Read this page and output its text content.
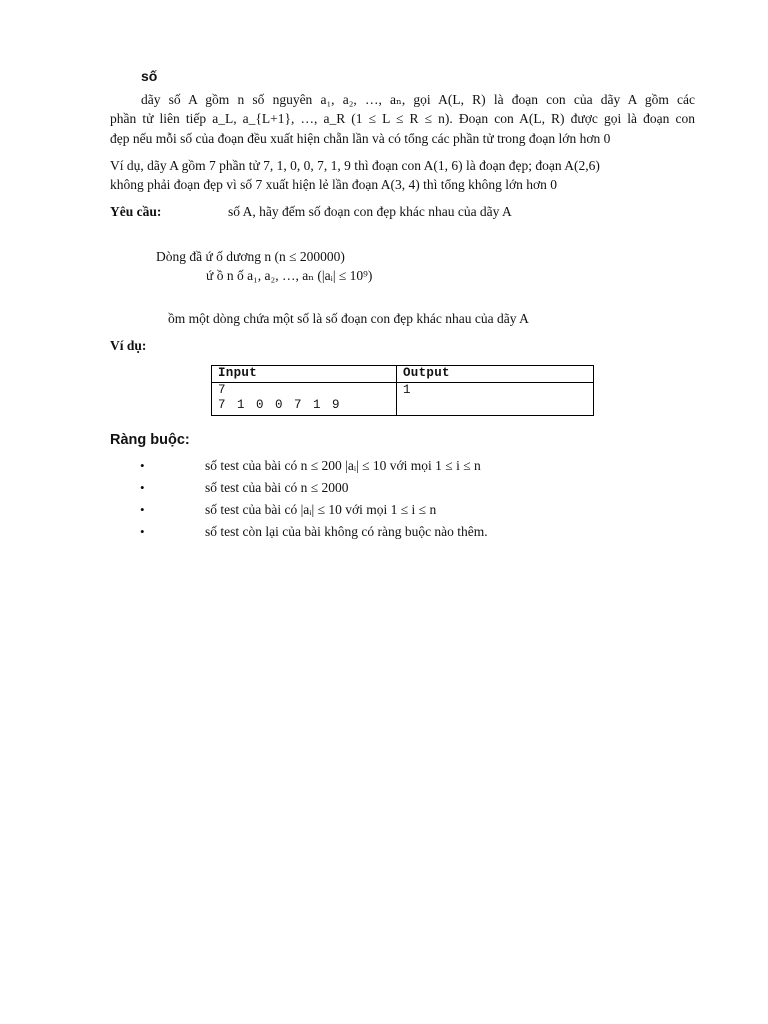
số
dãy số A gồm n số nguyên a₁, a₂, …, aₙ, gọi A(L, R) là đoạn con của dãy A gồm các
phần tử liên tiếp a_L, a_{L+1}, …, a_R (1 ≤ L ≤ R ≤ n). Đoạn con A(L, R) được gọi là đoạn con
đẹp nếu mỗi số của đoạn đều xuất hiện chẵn lần và có tổng các phần tử trong đoạn lớn hơn 0
Ví dụ, dãy A gồm 7 phần tử 7, 1, 0, 0, 7, 1, 9 thì đoạn con A(1, 6) là đoạn đẹp; đoạn A(2,6)
không phải đoạn đẹp vì số 7 xuất hiện lẻ lần đoạn A(3, 4) thì tổng không lớn hơn 0
Yêu cầu:	số A, hãy đếm số đoạn con đẹp khác nhau của dãy A
Dòng đầ ứ ố dương n (n ≤ 200000)
ứ ồ n ố a₁, a₂, …, aₙ (|aᵢ| ≤ 10⁹)
ồm một dòng chứa một số là số đoạn con đẹp khác nhau của dãy A
Ví dụ:
Input	Output

7
7 1 0 0 7 1 9	1
Ràng buộc:
•	số test của bài có n ≤ 200 |aᵢ| ≤ 10 với mọi 1 ≤ i ≤ n
•	số test của bài có n ≤ 2000
•	số test của bài có |aᵢ| ≤ 10 với mọi 1 ≤ i ≤ n
•	số test còn lại của bài không có ràng buộc nào thêm.
